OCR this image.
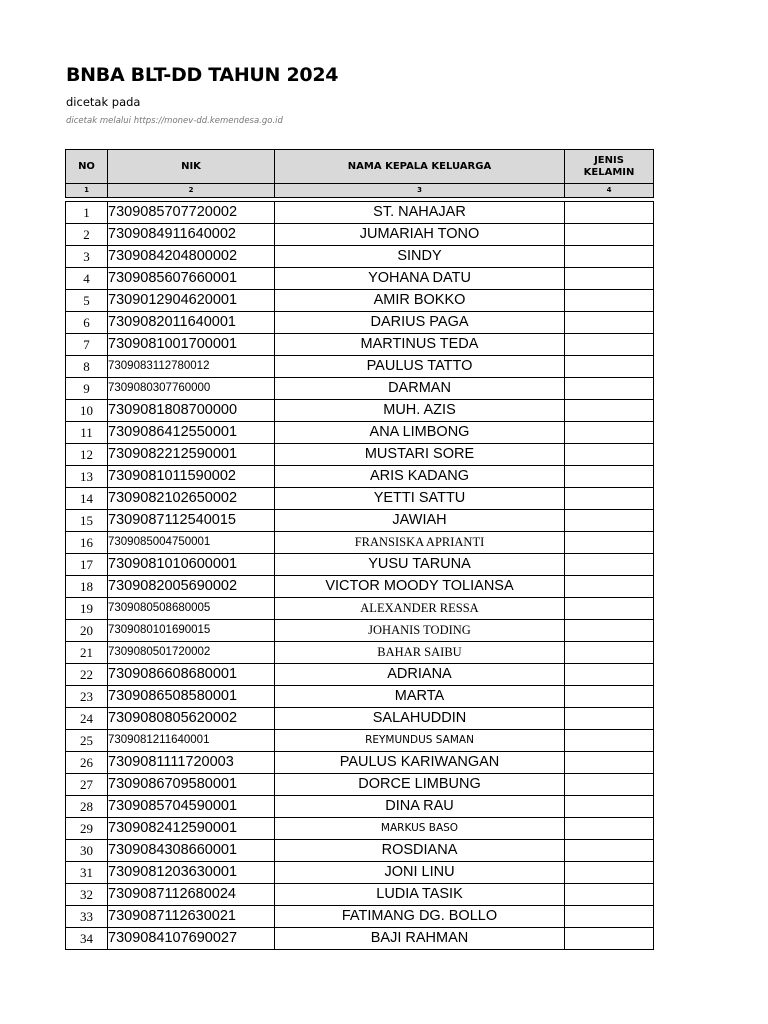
BNBA BLT-DD TAHUN 2024
dicetak pada
dicetak melalui https://monev-dd.kemendesa.go.id
NO	NIK	NAMA KEPALA KELUARGA	JENIS KELAMIN
1	2	3	4

1	7309085707720002	ST. NAHAJAR	
2	7309084911640002	JUMARIAH TONO	
3	7309084204800002	SINDY	
4	7309085607660001	YOHANA DATU	
5	7309012904620001	AMIR BOKKO	
6	7309082011640001	DARIUS PAGA	
7	7309081001700001	MARTINUS TEDA	
8	7309083112780012	PAULUS TATTO	
9	7309080307760000	DARMAN	
10	7309081808700000	MUH. AZIS	
11	7309086412550001	ANA LIMBONG	
12	7309082212590001	MUSTARI SORE	
13	7309081011590002	ARIS KADANG	
14	7309082102650002	YETTI SATTU	
15	7309087112540015	JAWIAH	
16	7309085004750001	FRANSISKA APRIANTI	
17	7309081010600001	YUSU TARUNA	
18	7309082005690002	VICTOR MOODY TOLIANSA	
19	7309080508680005	ALEXANDER RESSA	
20	7309080101690015	JOHANIS TODING	
21	7309080501720002	BAHAR SAIBU	
22	7309086608680001	ADRIANA	
23	7309086508580001	MARTA	
24	7309080805620002	SALAHUDDIN	
25	7309081211640001	REYMUNDUS SAMAN	
26	7309081111720003	PAULUS KARIWANGAN	
27	7309086709580001	DORCE LIMBUNG	
28	7309085704590001	DINA RAU	
29	7309082412590001	MARKUS BASO	
30	7309084308660001	ROSDIANA	
31	7309081203630001	JONI LINU	
32	7309087112680024	LUDIA TASIK	
33	7309087112630021	FATIMANG DG. BOLLO	
34	7309084107690027	BAJI RAHMAN	
